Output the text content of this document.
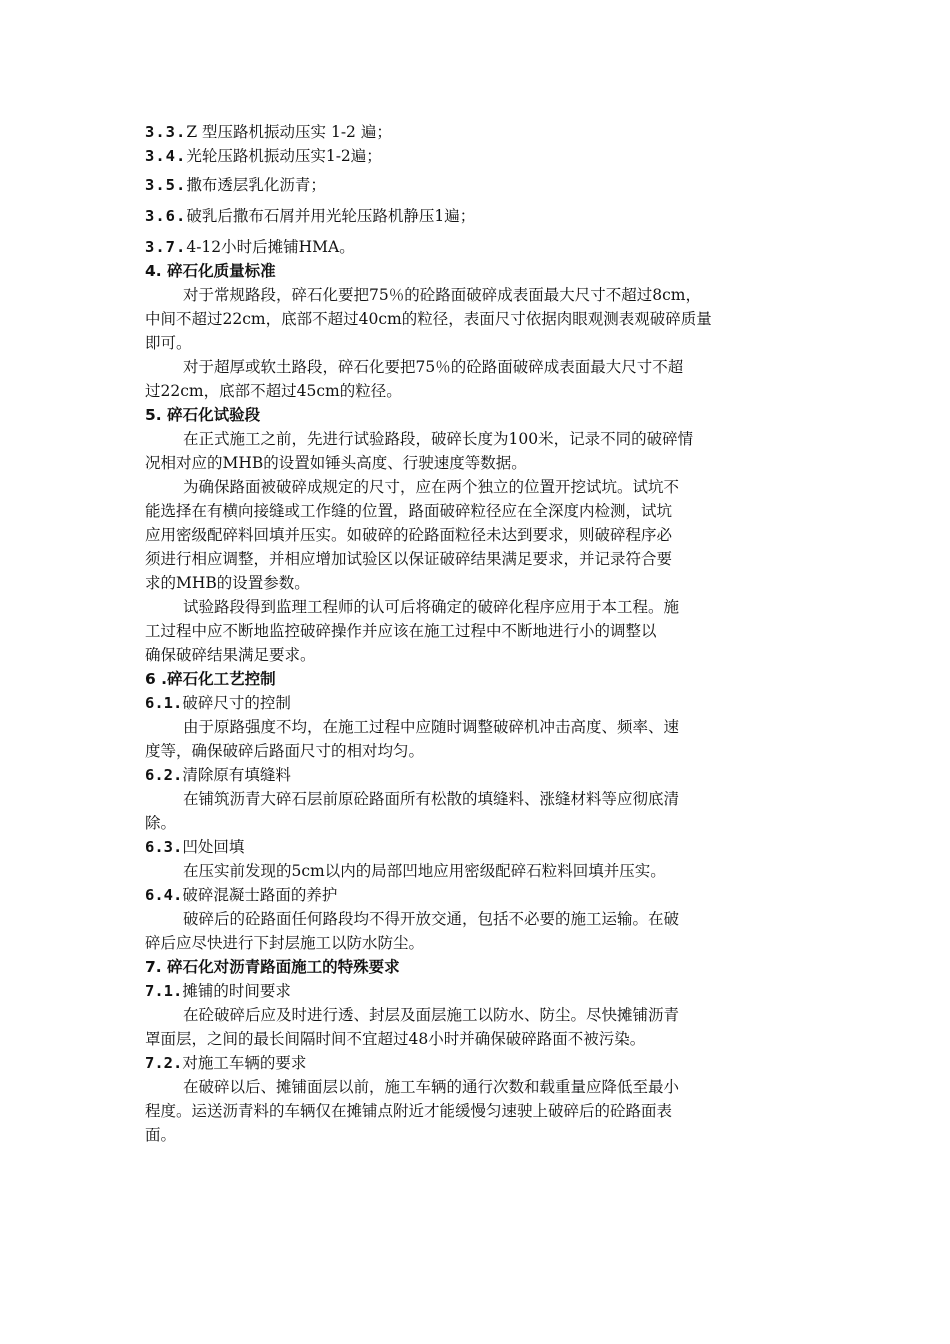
3.3.Z 型压路机振动压实 1-2 遍；
3.4.光轮压路机振动压实1-2遍；
3.5.撒布透层乳化沥青；
3.6.破乳后撒布石屑并用光轮压路机静压1遍；
3.7.4-12小时后摊铺HMA。
4. 碎石化质量标准
对于常规路段，碎石化要把75％的砼路面破碎成表面最大尺寸不超过8cm，
中间不超过22cm，底部不超过40cm的粒径，表面尺寸依据肉眼观测表观破碎质量
即可。
对于超厚或软土路段，碎石化要把75％的砼路面破碎成表面最大尺寸不超
过22cm，底部不超过45cm的粒径。
5. 碎石化试验段
在正式施工之前，先进行试验路段，破碎长度为100米，记录不同的破碎情
况相对应的MHB的设置如锤头高度、行驶速度等数据。
为确保路面被破碎成规定的尺寸，应在两个独立的位置开挖试坑。试坑不
能选择在有横向接缝或工作缝的位置，路面破碎粒径应在全深度内检测，试坑
应用密级配碎料回填并压实。如破碎的砼路面粒径未达到要求，则破碎程序必
须进行相应调整，并相应增加试验区以保证破碎结果满足要求，并记录符合要
求的MHB的设置参数。
试验路段得到监理工程师的认可后将确定的破碎化程序应用于本工程。施
工过程中应不断地监控破碎操作并应该在施工过程中不断地进行小的调整以
确保破碎结果满足要求。
6 .碎石化工艺控制
6.1.破碎尺寸的控制
由于原路强度不均，在施工过程中应随时调整破碎机冲击高度、频率、速
度等，确保破碎后路面尺寸的相对均匀。
6.2.清除原有填缝料
在铺筑沥青大碎石层前原砼路面所有松散的填缝料、涨缝材料等应彻底清
除。
6.3.凹处回填
在压实前发现的5cm以内的局部凹地应用密级配碎石粒料回填并压实。
6.4.破碎混凝士路面的养护
破碎后的砼路面任何路段均不得开放交通，包括不必要的施工运输。在破
碎后应尽快进行下封层施工以防水防尘。
7. 碎石化对沥青路面施工的特殊要求
7.1.摊铺的时间要求
在砼破碎后应及时进行透、封层及面层施工以防水、防尘。尽快摊铺沥青
罩面层，之间的最长间隔时间不宜超过48小时并确保破碎路面不被污染。
7.2.对施工车辆的要求
在破碎以后、摊铺面层以前，施工车辆的通行次数和载重量应降低至最小
程度。运送沥青料的车辆仅在摊铺点附近才能缓慢匀速驶上破碎后的砼路面表
面。
